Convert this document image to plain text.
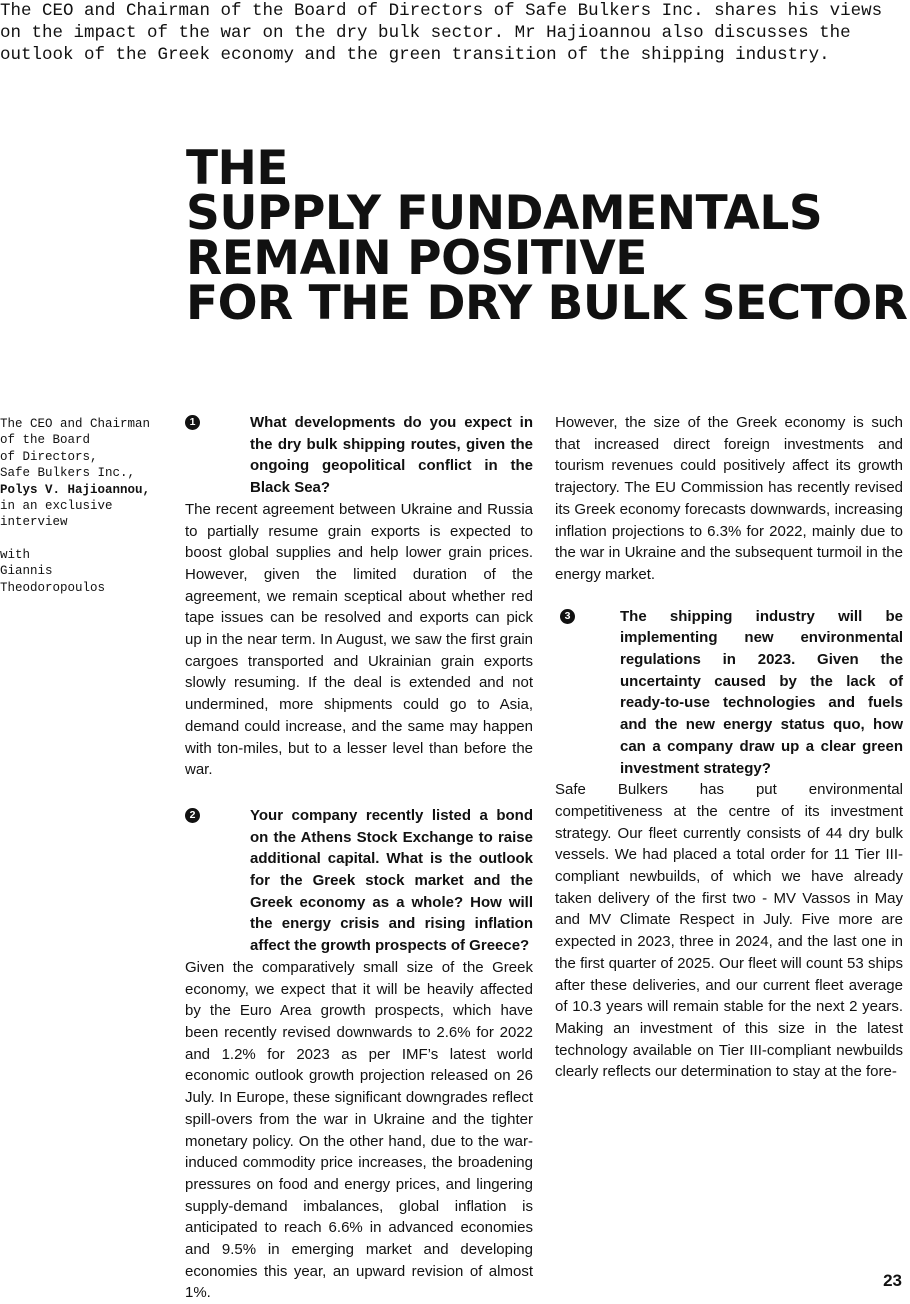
The CEO and Chairman of the Board of Directors of Safe Bulkers Inc. shares his views on the impact of the war on the dry bulk sector. Mr Hajioannou also discusses the outlook of the Greek economy and the green transition of the shipping industry.

THE
SUPPLY FUNDAMENTALS
REMAIN POSITIVE
FOR THE DRY BULK SECTOR
The CEO and Chairman
of the Board
of Directors,
Safe Bulkers Inc.,
Polys V. Hajioannou,
in an exclusive
interview
with
Giannis Theodoropoulos
1	What developments do you expect in the dry bulk shipping routes, given the ongoing geopolitical conflict in the Black Sea?

The recent agreement between Ukraine and Russia to partially resume grain exports is expected to boost global supplies and help lower grain prices. However, given the limited duration of the agreement, we remain sceptical about whether red tape issues can be resolved and exports can pick up in the near term. In August, we saw the first grain cargoes transported and Ukrainian grain exports slowly resuming. If the deal is extended and not undermined, more shipments could go to Asia, demand could increase, and the same may happen with ton-miles, but to a lesser level than before the war.

2	Your company recently listed a bond on the Athens Stock Exchange to raise additional capital. What is the outlook for the Greek stock market and the Greek economy as a whole? How will the energy crisis and rising inflation affect the growth prospects of Greece?

Given the comparatively small size of the Greek economy, we expect that it will be heavily affected by the Euro Area growth prospects, which have been recently revised downwards to 2.6% for 2022 and 1.2% for 2023 as per IMF’s latest world economic outlook growth projection released on 26 July. In Europe, these significant downgrades reflect spill-overs from the war in Ukraine and the tighter monetary policy. On the other hand, due to the war-induced commodity price increases, the broadening pressures on food and energy prices, and lingering supply-demand imbalances, global inflation is anticipated to reach 6.6% in advanced economies and 9.5% in emerging market and developing economies this year, an upward revision of almost 1%.

However, the size of the Greek economy is such that increased direct foreign investments and tourism revenues could positively affect its growth trajectory. The EU Commission has recently revised its Greek economy forecasts downwards, increasing inflation projections to 6.3% for 2022, mainly due to the war in Ukraine and the subsequent turmoil in the energy market.

3	The shipping industry will be implementing new environmental regulations in 2023. Given the uncertainty caused by the lack of ready-to-use technologies and fuels and the new energy status quo, how can a company draw up a clear green investment strategy?

Safe Bulkers has put environmental competitiveness at the centre of its investment strategy. Our fleet currently consists of 44 dry bulk vessels. We had placed a total order for 11 Tier III-compliant newbuilds, of which we have already taken delivery of the first two - MV Vassos in May and MV Climate Respect in July. Five more are expected in 2023, three in 2024, and the last one in the first quarter of 2025. Our fleet will count 53 ships after these deliveries, and our current fleet average of 10.3 years will remain stable for the next 2 years. Making an investment of this size in the latest technology available on Tier III-compliant newbuilds clearly reflects our determination to stay at the fore-

23
